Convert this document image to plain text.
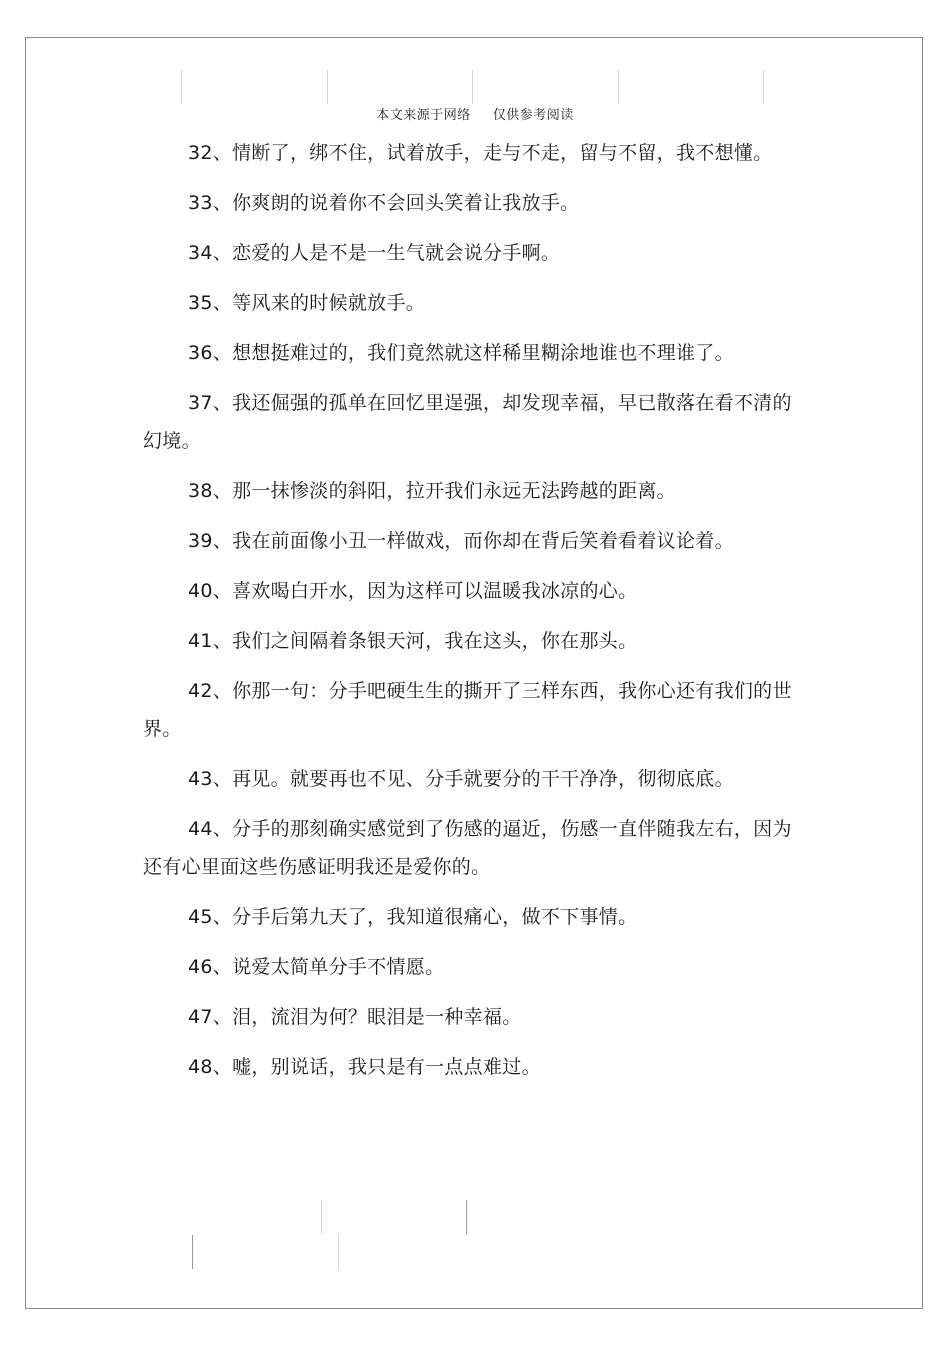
本文来源于网络 仅供参考阅读

32、情断了，绑不住，试着放手，走与不走，留与不留，我不想懂。

33、你爽朗的说着你不会回头笑着让我放手。

34、恋爱的人是不是一生气就会说分手啊。

35、等风来的时候就放手。

36、想想挺难过的，我们竟然就这样稀里糊涂地谁也不理谁了。

37、我还倔强的孤单在回忆里逞强，却发现幸福，早已散落在看不清的幻境。

38、那一抹惨淡的斜阳，拉开我们永远无法跨越的距离。

39、我在前面像小丑一样做戏，而你却在背后笑着看着议论着。

40、喜欢喝白开水，因为这样可以温暖我冰凉的心。

41、我们之间隔着条银天河，我在这头，你在那头。

42、你那一句：分手吧硬生生的撕开了三样东西，我你心还有我们的世界。

43、再见。就要再也不见、分手就要分的干干净净，彻彻底底。

44、分手的那刻确实感觉到了伤感的逼近，伤感一直伴随我左右，因为还有心里面这些伤感证明我还是爱你的。

45、分手后第九天了，我知道很痛心，做不下事情。

46、说爱太简单分手不情愿。

47、泪，流泪为何？眼泪是一种幸福。

48、嘘，别说话，我只是有一点点难过。
